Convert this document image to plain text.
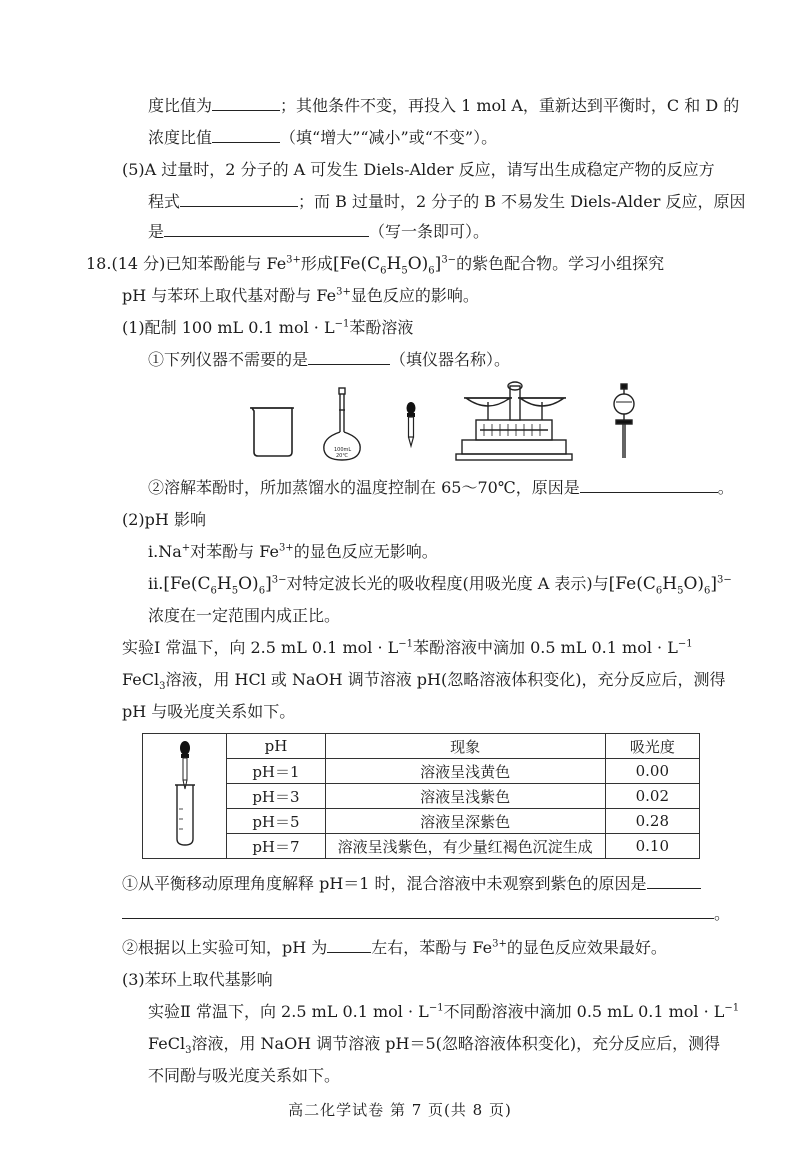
度比值为	；其他条件不变，再投入 1 mol A，重新达到平衡时，C 和 D 的
浓度比值	（填“增大”“减小”或“不变”）。
(5)A 过量时，2 分子的 A 可发生 Diels-Alder 反应，请写出生成稳定产物的反应方
程式	；而 B 过量时，2 分子的 B 不易发生 Diels-Alder 反应，原因
是	（写一条即可）。
18.(14 分)已知苯酚能与 $Fe^{3+}$形成$[Fe(C_6H_5O)_6]^{3-}$的紫色配合物。学习小组探究
pH 与苯环上取代基对酚与 $Fe^{3+}$显色反应的影响。
(1)配制 100 mL 0.1 mol · $L^{-1}$苯酚溶液
①下列仪器不需要的是	（填仪器名称）。
100mL
20℃
②溶解苯酚时，所加蒸馏水的温度控制在 65～70℃，原因是	。
(2)pH 影响
i.Na+对苯酚与 $Fe^{3+}$的显色反应无影响。
$ii.[Fe(C_6H_5O)_6]^{3-}$对特定波长光的吸收程度(用吸光度 A 表示)与$[Fe(C_6H_5O)_6]^{3-}$
浓度在一定范围内成正比。
实验Ⅰ 常温下，向 2.5 mL 0.1 mol · $L^{-1}$苯酚溶液中滴加 0.5 mL 0.1 mol · $L^{-1}$
FeCl$_3$溶液，用 HCl 或 NaOH 调节溶液 pH(忽略溶液体积变化)，充分反应后，测得
pH 与吸光度关系如下。
	pH	现象	吸光度
	pH＝1	溶液呈浅黄色	0.00
	pH＝3	溶液呈浅紫色	0.02
	pH＝5	溶液呈深紫色	0.28
	pH＝7	溶液呈浅紫色，有少量红褐色沉淀生成	0.10
①从平衡移动原理角度解释 pH＝1 时，混合溶液中未观察到紫色的原因是
。
②根据以上实验可知，pH 为	左右，苯酚与 $Fe^{3+}$的显色反应效果最好。
(3)苯环上取代基影响
实验Ⅱ 常温下，向 2.5 mL 0.1 mol · $L^{-1}$不同酚溶液中滴加 0.5 mL 0.1 mol · $L^{-1}$
FeCl$_3$溶液，用 NaOH 调节溶液 pH＝5(忽略溶液体积变化)，充分反应后，测得
不同酚与吸光度关系如下。
高二化学试卷 第 7 页(共 8 页)
